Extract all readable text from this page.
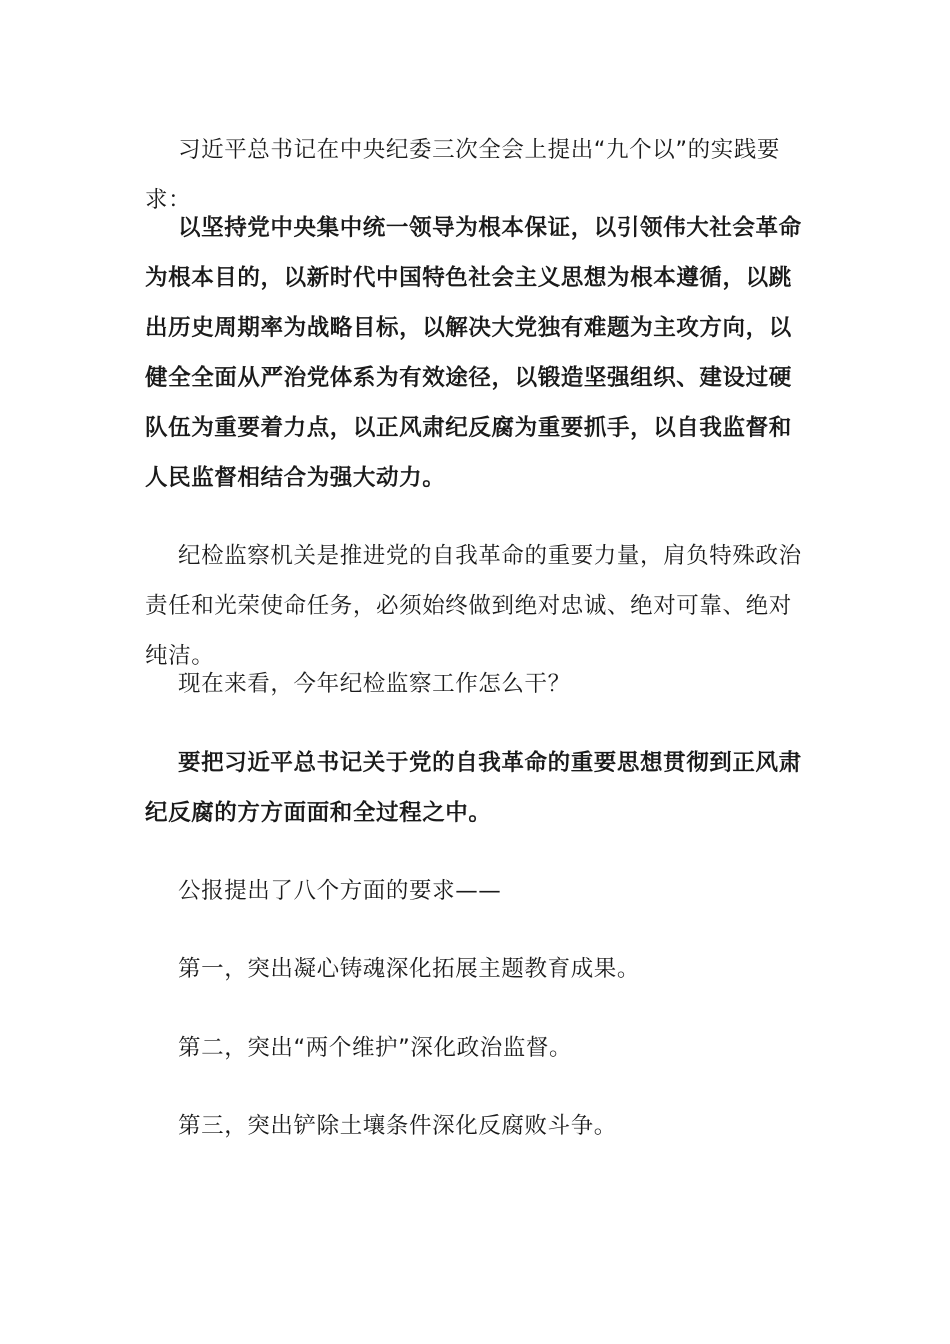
习近平总书记在中央纪委三次全会上提出“九个以”的实践要求：

以坚持党中央集中统一领导为根本保证，以引领伟大社会革命为根本目的，以新时代中国特色社会主义思想为根本遵循，以跳出历史周期率为战略目标，以解决大党独有难题为主攻方向，以健全全面从严治党体系为有效途径，以锻造坚强组织、建设过硬队伍为重要着力点，以正风肃纪反腐为重要抓手，以自我监督和人民监督相结合为强大动力。

纪检监察机关是推进党的自我革命的重要力量，肩负特殊政治责任和光荣使命任务，必须始终做到绝对忠诚、绝对可靠、绝对纯洁。

现在来看，今年纪检监察工作怎么干？

要把习近平总书记关于党的自我革命的重要思想贯彻到正风肃纪反腐的方方面面和全过程之中。

公报提出了八个方面的要求——

第一，突出凝心铸魂深化拓展主题教育成果。

第二，突出“两个维护”深化政治监督。

第三，突出铲除土壤条件深化反腐败斗争。
